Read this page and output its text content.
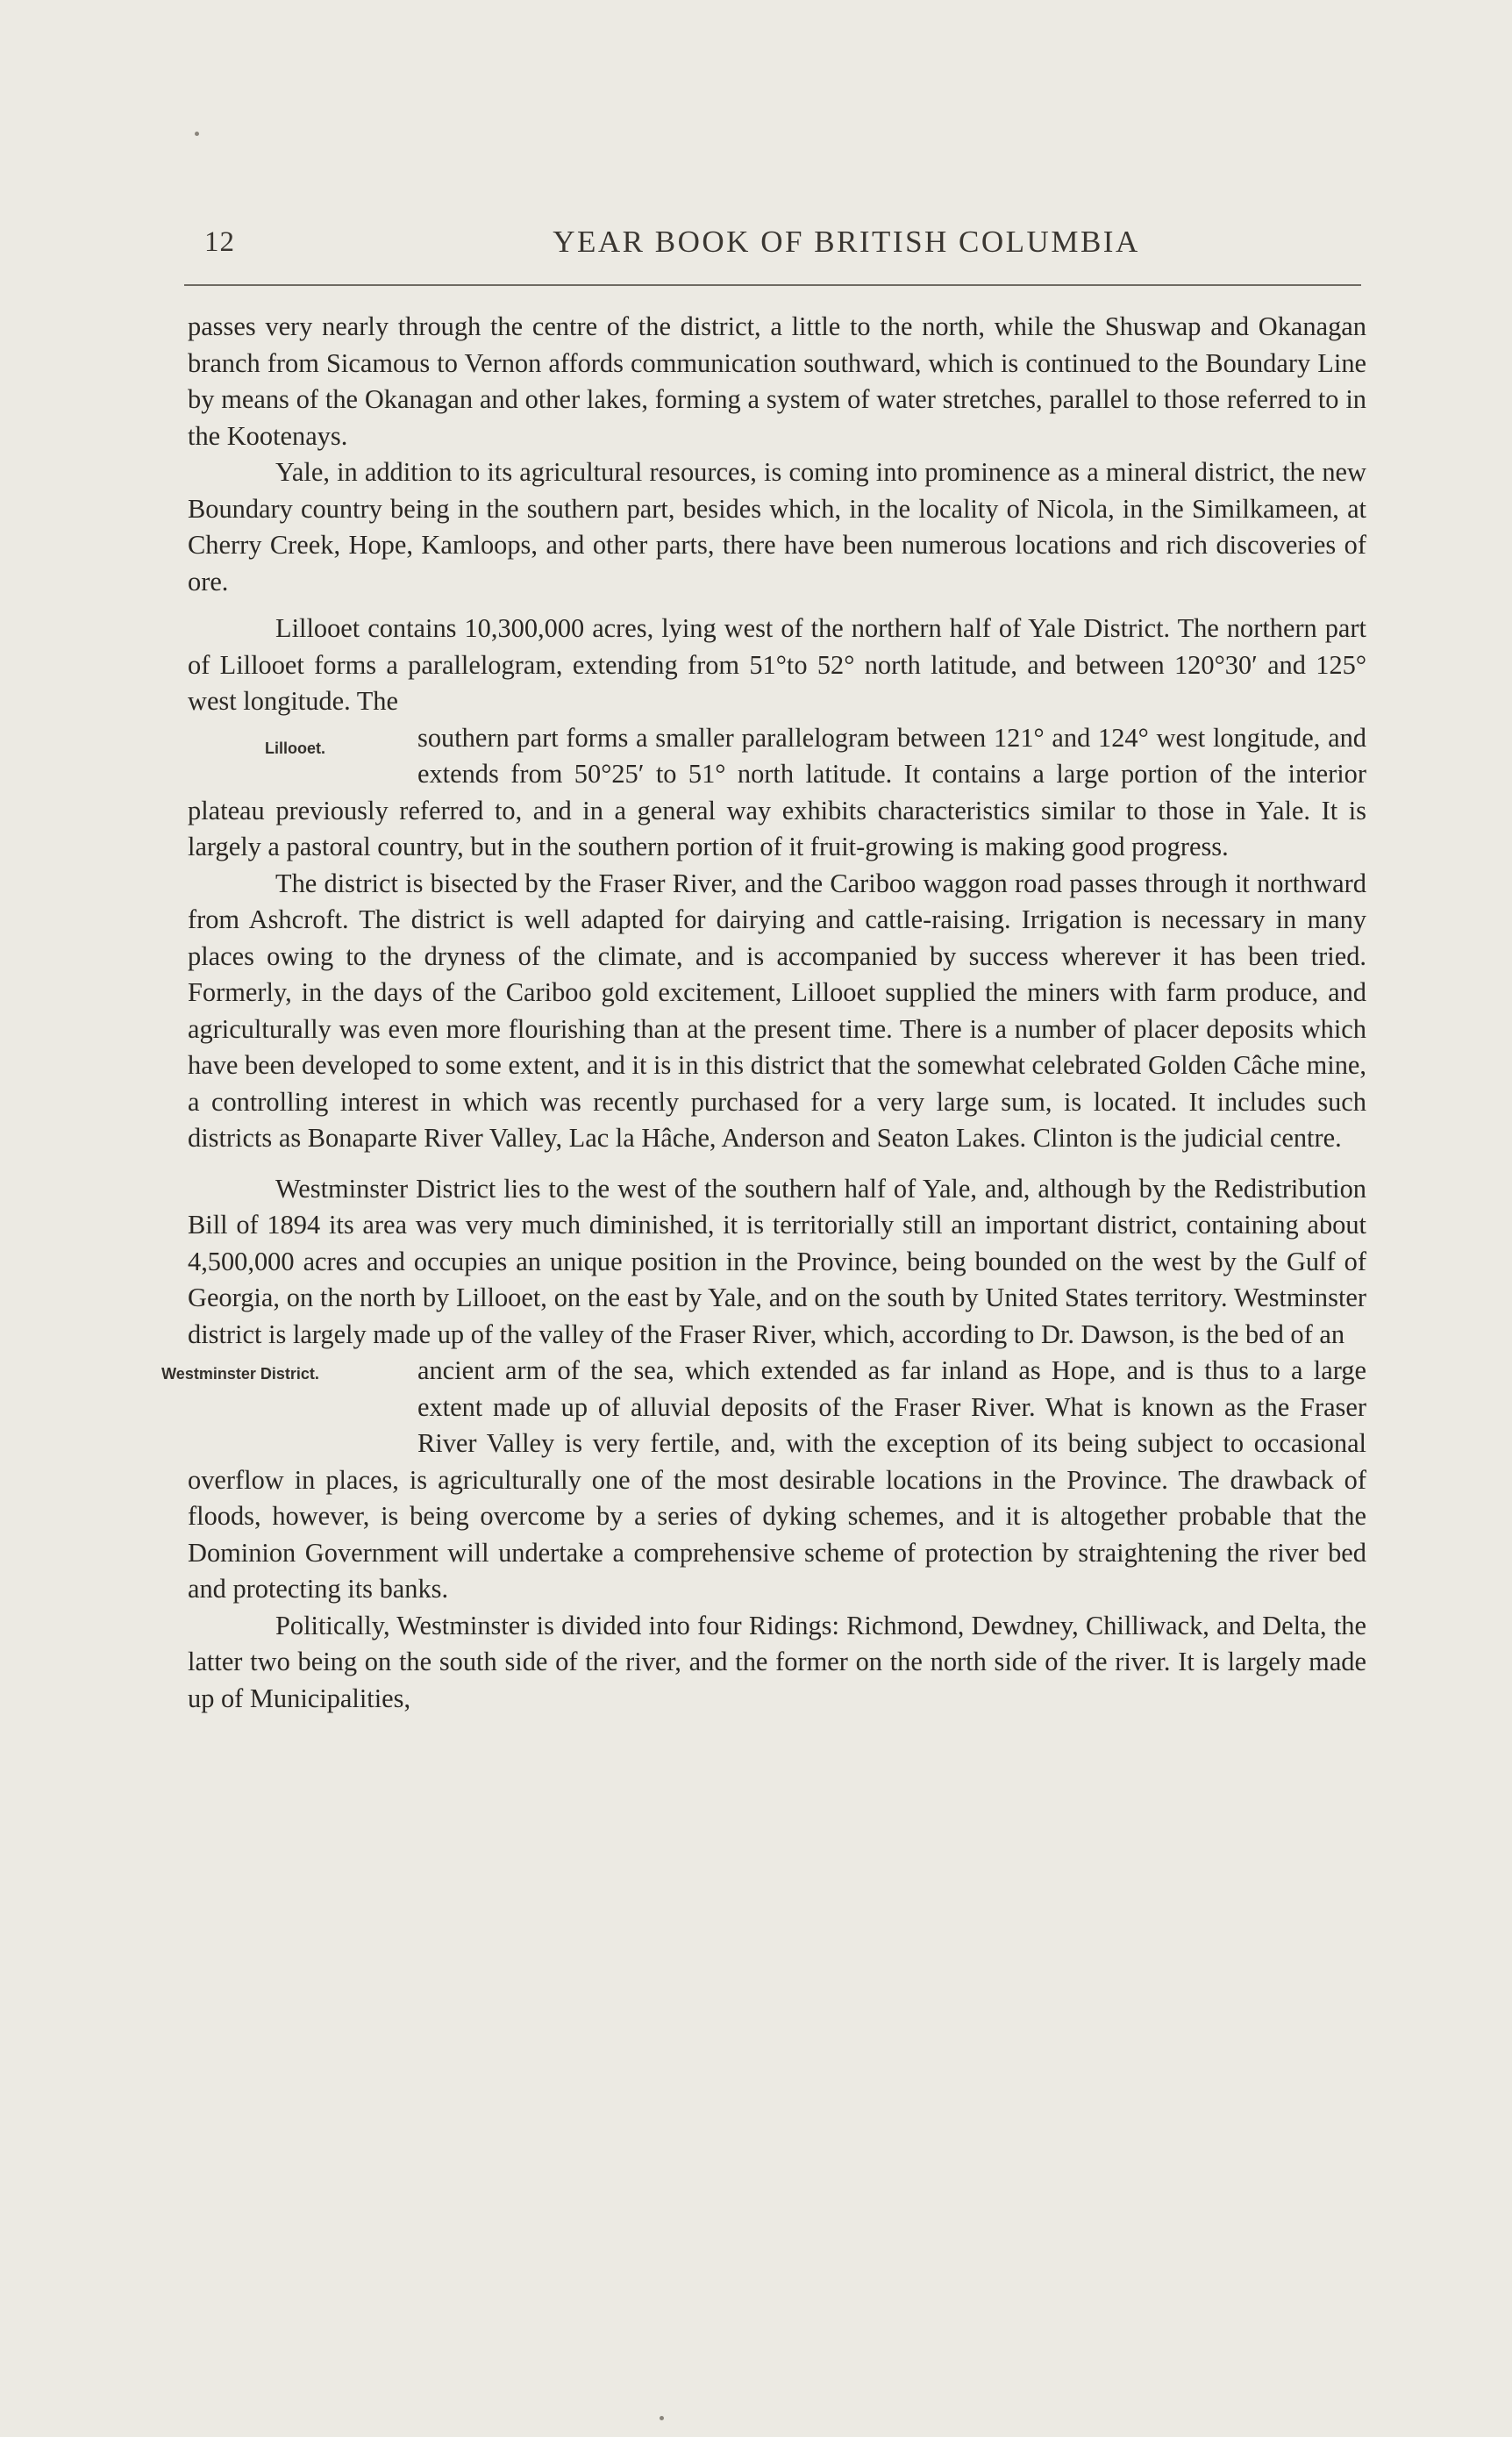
12	YEAR BOOK OF BRITISH COLUMBIA

passes very nearly through the centre of the district, a little to the north, while the Shuswap and Okanagan branch from Sicamous to Vernon affords communication southward, which is continued to the Boundary Line by means of the Okanagan and other lakes, forming a system of water stretches, parallel to those referred to in the Kootenays.

Yale, in addition to its agricultural resources, is coming into prominence as a mineral district, the new Boundary country being in the southern part, besides which, in the locality of Nicola, in the Similkameen, at Cherry Creek, Hope, Kamloops, and other parts, there have been numerous locations and rich discoveries of ore.

Lillooet contains 10,300,000 acres, lying west of the northern half of Yale District. The northern part of Lillooet forms a parallelogram, extending from 51°to 52° north latitude, and between 120°30′ and 125° west longitude. The

Lillooet.	southern part forms a smaller parallelogram between 121° and 124° west longitude, and extends from 50°25′ to 51° north latitude. It contains a large portion of the interior plateau previously referred to, and in a general way exhibits characteristics similar to those in Yale. It is largely a pastoral country, but in the southern portion of it fruit-growing is making good progress.

The district is bisected by the Fraser River, and the Cariboo waggon road passes through it northward from Ashcroft. The district is well adapted for dairying and cattle-raising. Irrigation is necessary in many places owing to the dryness of the climate, and is accompanied by success wherever it has been tried. Formerly, in the days of the Cariboo gold excitement, Lillooet supplied the miners with farm produce, and agriculturally was even more flourishing than at the present time. There is a number of placer deposits which have been developed to some extent, and it is in this district that the somewhat celebrated Golden Câche mine, a controlling interest in which was recently purchased for a very large sum, is located. It includes such districts as Bonaparte River Valley, Lac la Hâche, Anderson and Seaton Lakes. Clinton is the judicial centre.

Westminster District lies to the west of the southern half of Yale, and, although by the Redistribution Bill of 1894 its area was very much diminished, it is territorially still an important district, containing about 4,500,000 acres and occupies an unique position in the Province, being bounded on the west by the Gulf of Georgia, on the north by Lillooet, on the east by Yale, and on the south by United States territory. Westminster district is largely made up of the valley of the Fraser River, which, according to Dr. Dawson, is the bed of an

Westminster District.	ancient arm of the sea, which extended as far inland as Hope, and is thus to a large extent made up of alluvial deposits of the Fraser River. What is known as the Fraser River Valley is very fertile, and, with the exception of its being subject to occasional overflow in places, is agriculturally one of the most desirable locations in the Province. The drawback of floods, however, is being overcome by a series of dyking schemes, and it is altogether probable that the Dominion Government will undertake a comprehensive scheme of protection by straightening the river bed and protecting its banks.

Politically, Westminster is divided into four Ridings: Richmond, Dewdney, Chilliwack, and Delta, the latter two being on the south side of the river, and the former on the north side of the river. It is largely made up of Municipalities,
